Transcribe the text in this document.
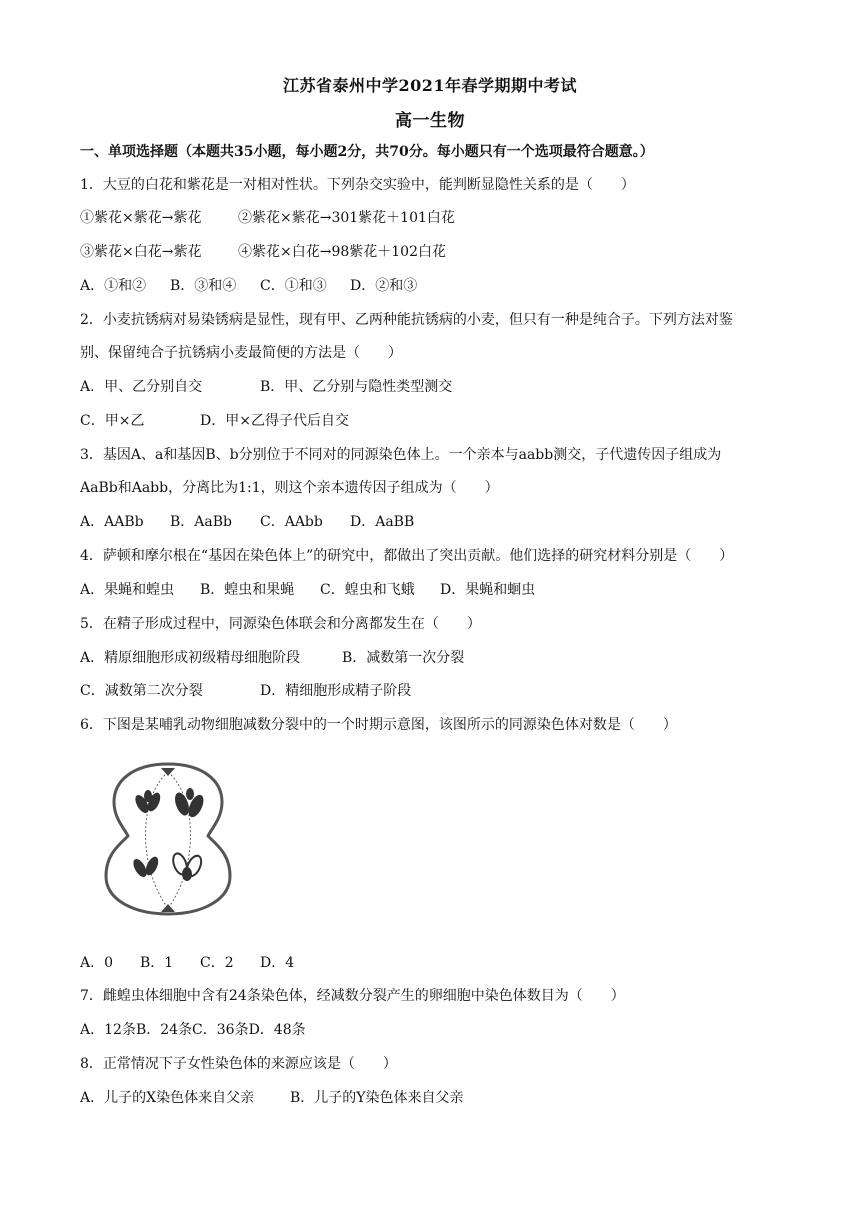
江苏省泰州中学2021年春学期期中考试
高一生物
一、单项选择题（本题共35小题，每小题2分，共70分。每小题只有一个选项最符合题意。）
1．大豆的白花和紫花是一对相对性状。下列杂交实验中，能判断显隐性关系的是（　　）
①紫花×紫花→紫花	②紫花×紫花→301紫花＋101白花
③紫花×白花→紫花	④紫花×白花→98紫花＋102白花
A．①和② B．③和④ C．①和③ D．②和③
2．小麦抗锈病对易染锈病是显性，现有甲、乙两种能抗锈病的小麦，但只有一种是纯合子。下列方法对鉴
别、保留纯合子抗锈病小麦最简便的方法是（　　）
A．甲、乙分别自交	B．甲、乙分别与隐性类型测交
C．甲×乙	D．甲×乙得子代后自交
3．基因A、a和基因B、b分别位于不同对的同源染色体上。一个亲本与aabb测交，子代遗传因子组成为
AaBb和Aabb，分离比为1:1，则这个亲本遗传因子组成为（　　）
A．AABb B．AaBb C．AAbb D．AaBB
4．萨顿和摩尔根在“基因在染色体上”的研究中，都做出了突出贡献。他们选择的研究材料分别是（　　）
A．果蝇和蝗虫 B．蝗虫和果蝇 C．蝗虫和飞蛾 D．果蝇和蛔虫
5．在精子形成过程中，同源染色体联会和分离都发生在（　　）
A．精原细胞形成初级精母细胞阶段	B．减数第一次分裂
C．减数第二次分裂	D．精细胞形成精子阶段
6．下图是某哺乳动物细胞减数分裂中的一个时期示意图，该图所示的同源染色体对数是（　　）
A．0 B．1 C．2 D．4
7．雌蝗虫体细胞中含有24条染色体，经减数分裂产生的卵细胞中染色体数目为（　　）
A．12条B．24条C．36条D．48条
8．正常情况下子女性染色体的来源应该是（　　）
A．儿子的X染色体来自父亲	B．儿子的Y染色体来自父亲
